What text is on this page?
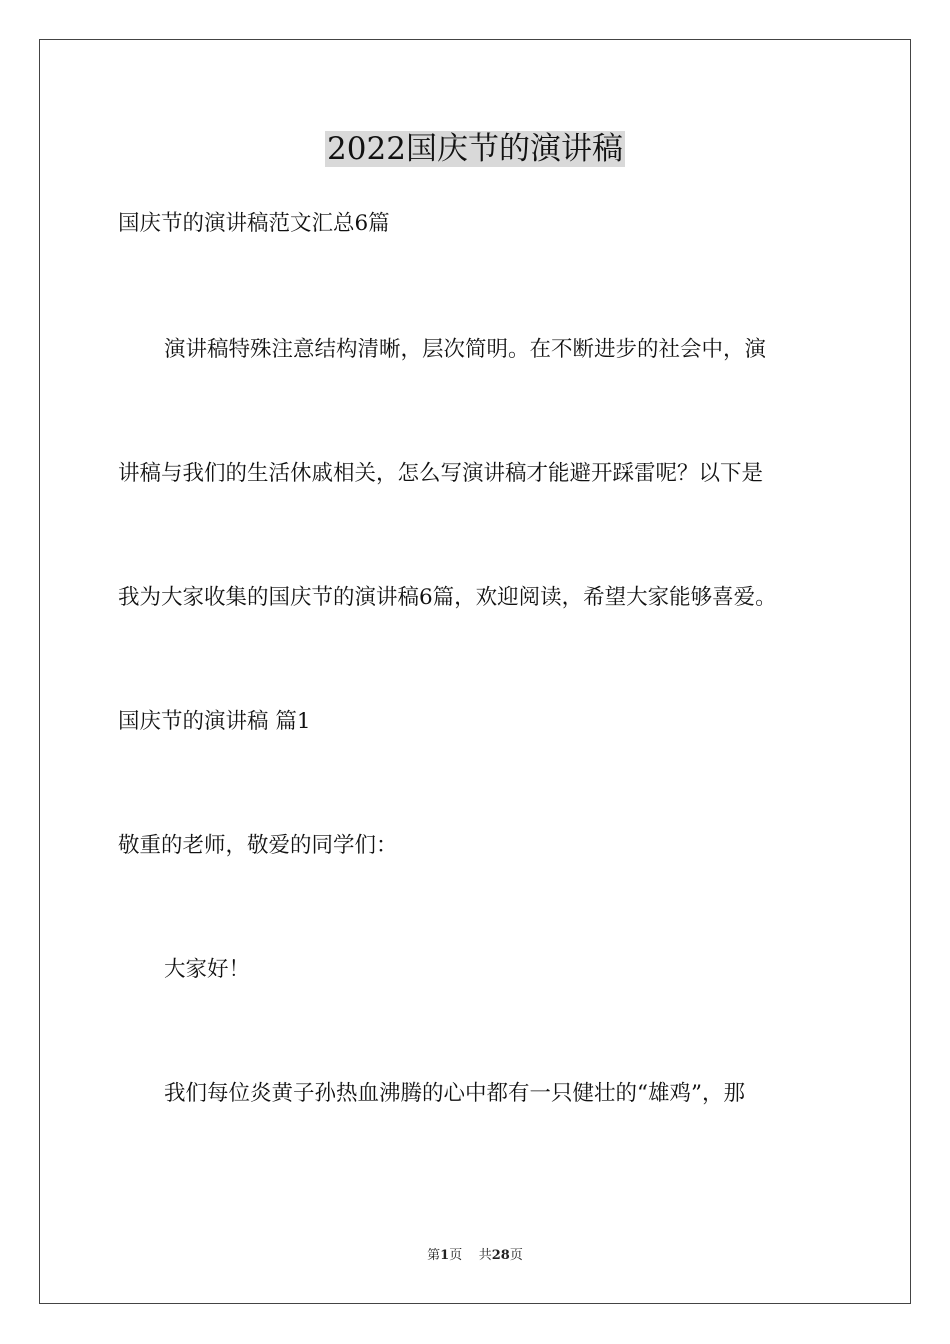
2022国庆节的演讲稿

国庆节的演讲稿范文汇总6篇

演讲稿特殊注意结构清晰，层次简明。在不断进步的社会中，演

讲稿与我们的生活休戚相关，怎么写演讲稿才能避开踩雷呢？以下是

我为大家收集的国庆节的演讲稿6篇，欢迎阅读，希望大家能够喜爱。

国庆节的演讲稿 篇1

敬重的老师，敬爱的同学们：

大家好！

我们每位炎黄子孙热血沸腾的心中都有一只健壮的“雄鸡”，那

第1页 共28页
